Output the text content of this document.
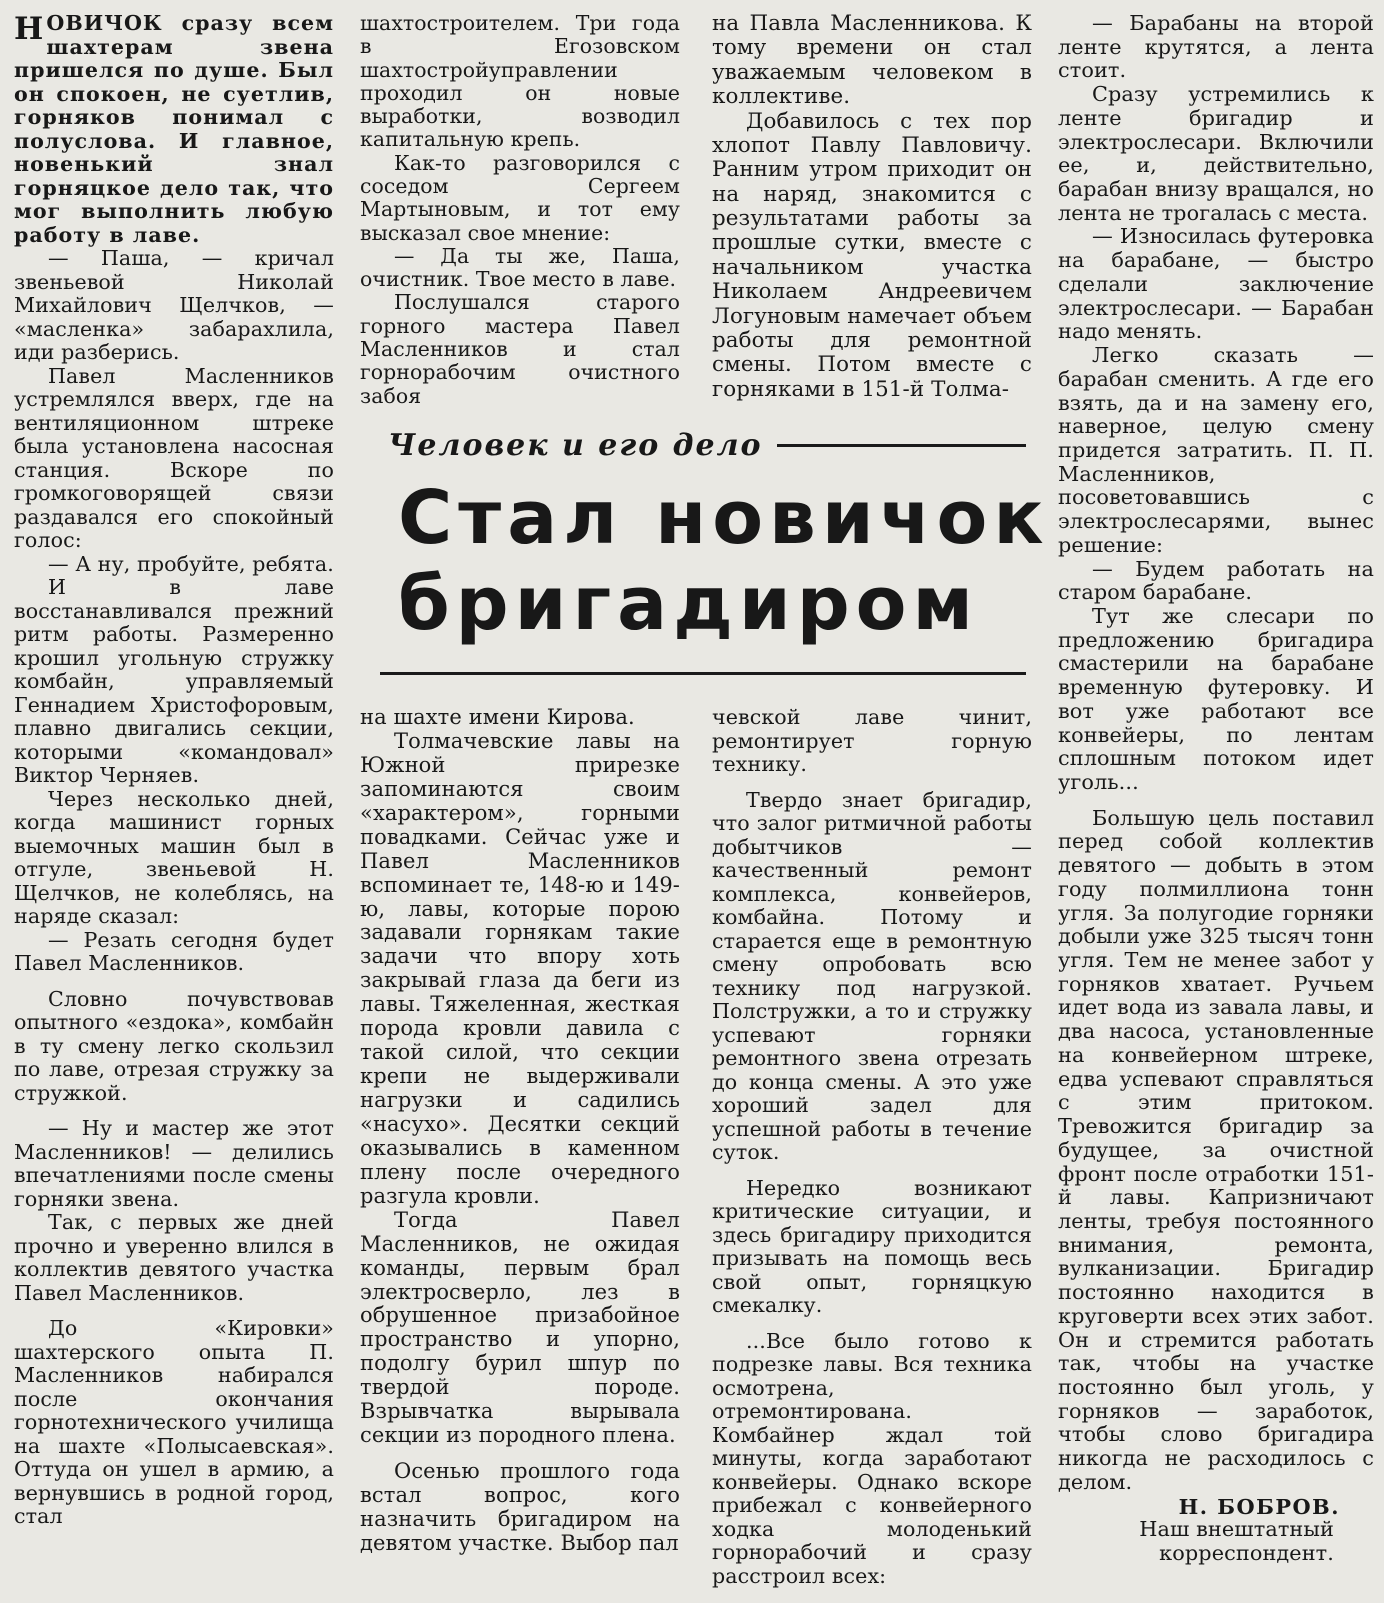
НОВИЧОК сразу всем шахтерам звена пришелся по душе. Был он спокоен, не суетлив, горняков понимал с полуслова. И главное, новенький знал горняцкое дело так, что мог выполнить любую работу в лаве.

— Паша, — кричал звеньевой Николай Михайлович Щелчков, — «масленка» забарахлила, иди разберись.

Павел Масленников устремлялся вверх, где на вентиляционном штреке была установлена насосная станция. Вскоре по громкоговорящей связи раздавался его спокойный голос:

— А ну, пробуйте, ребята.

И в лаве восстанавливался прежний ритм работы. Размеренно крошил угольную стружку комбайн, управляемый Геннадием Христофоровым, плавно двигались секции, которыми «командовал» Виктор Черняев.

Через несколько дней, когда машинист горных выемочных машин был в отгуле, звеньевой Н. Щелчков, не колеблясь, на наряде сказал:

— Резать сегодня будет Павел Масленников.

Словно почувствовав опытного «ездока», комбайн в ту смену легко скользил по лаве, отрезая стружку за стружкой.

— Ну и мастер же этот Масленников! — делились впечатлениями после смены горняки звена.

Так, с первых же дней прочно и уверенно влился в коллектив девятого участка Павел Масленников.

До «Кировки» шахтерского опыта П. Масленников набирался после окончания горнотехнического училища на шахте «Полысаевская». Оттуда он ушел в армию, а вернувшись в родной город, стал

шахтостроителем. Три года в Егозовском шахтостройуправлении проходил он новые выработки, возводил капитальную крепь.

Как-то разговорился с соседом Сергеем Мартыновым, и тот ему высказал свое мнение:

— Да ты же, Паша, очистник. Твое место в лаве.

Послушался старого горного мастера Павел Масленников и стал горнорабочим очистного забоя

на Павла Масленникова. К тому времени он стал уважаемым человеком в коллективе.

Добавилось с тех пор хлопот Павлу Павловичу. Ранним утром приходит он на наряд, знакомится с результатами работы за прошлые сутки, вместе с начальником участка Николаем Андреевичем Логуновым намечает объем работы для ремонтной смены. Потом вместе с горняками в 151-й Толма-

Человек и его дело
Стал новичок
бригадиром

на шахте имени Кирова.

Толмачевские лавы на Южной прирезке запоминаются своим «характером», горными повадками. Сейчас уже и Павел Масленников вспоминает те, 148-ю и 149-ю, лавы, которые порою задавали горнякам такие задачи что впору хоть закрывай глаза да беги из лавы. Тяжеленная, жесткая порода кровли давила с такой силой, что секции крепи не выдерживали нагрузки и садились «насухо». Десятки секций оказывались в каменном плену после очередного разгула кровли.

Тогда Павел Масленников, не ожидая команды, первым брал электросверло, лез в обрушенное призабойное пространство и упорно, подолгу бурил шпур по твердой породе. Взрывчатка вырывала секции из породного плена.

Осенью прошлого года встал вопрос, кого назначить бригадиром на девятом участке. Выбор пал

чевской лаве чинит, ремонтирует горную технику.

Твердо знает бригадир, что залог ритмичной работы добытчиков — качественный ремонт комплекса, конвейеров, комбайна. Потому и старается еще в ремонтную смену опробовать всю технику под нагрузкой. Полстружки, а то и стружку успевают горняки ремонтного звена отрезать до конца смены. А это уже хороший задел для успешной работы в течение суток.

Нередко возникают критические ситуации, и здесь бригадиру приходится призывать на помощь весь свой опыт, горняцкую смекалку.

...Все было готово к подрезке лавы. Вся техника осмотрена, отремонтирована. Комбайнер ждал той минуты, когда заработают конвейеры. Однако вскоре прибежал с конвейерного ходка молоденький горнорабочий и сразу расстроил всех:

— Барабаны на второй ленте крутятся, а лента стоит.

Сразу устремились к ленте бригадир и электрослесари. Включили ее, и, действительно, барабан внизу вращался, но лента не трогалась с места.

— Износилась футеровка на барабане, — быстро сделали заключение электрослесари. — Барабан надо менять.

Легко сказать — барабан сменить. А где его взять, да и на замену его, наверное, целую смену придется затратить. П. П. Масленников, посоветовавшись с электрослесарями, вынес решение:

— Будем работать на старом барабане.

Тут же слесари по предложению бригадира смастерили на барабане временную футеровку. И вот уже работают все конвейеры, по лентам сплошным потоком идет уголь...

Большую цель поставил перед собой коллектив девятого — добыть в этом году полмиллиона тонн угля. За полугодие горняки добыли уже 325 тысяч тонн угля. Тем не менее забот у горняков хватает. Ручьем идет вода из завала лавы, и два насоса, установленные на конвейерном штреке, едва успевают справляться с этим притоком. Тревожится бригадир за будущее, за очистной фронт после отработки 151-й лавы. Капризничают ленты, требуя постоянного внимания, ремонта, вулканизации. Бригадир постоянно находится в круговерти всех этих забот. Он и стремится работать так, чтобы на участке постоянно был уголь, у горняков — заработок, чтобы слово бригадира никогда не расходилось с делом.

Н. БОБРОВ.

Наш внештатный корреспондент.
